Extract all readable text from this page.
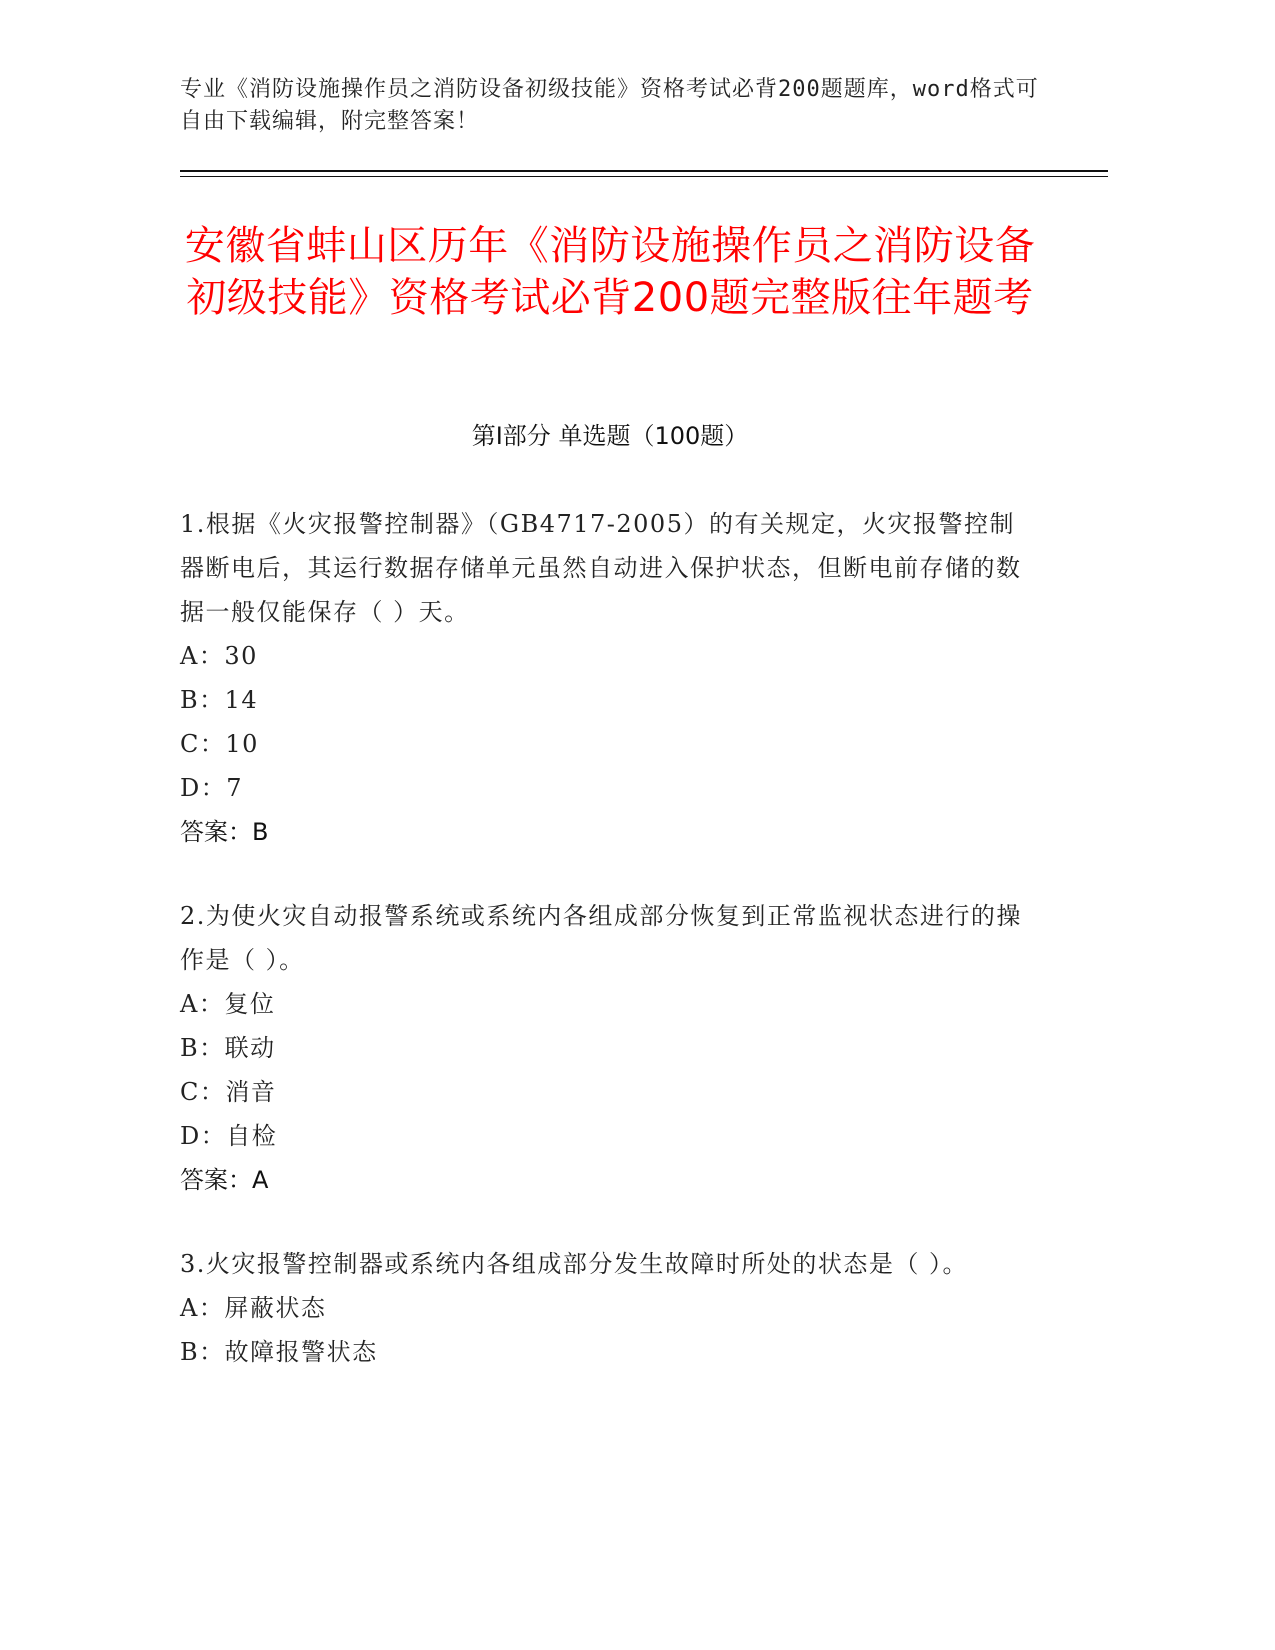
专业《消防设施操作员之消防设备初级技能》资格考试必背200题题库，word格式可自由下载编辑，附完整答案！
安徽省蚌山区历年《消防设施操作员之消防设备初级技能》资格考试必背200题完整版往年题考
第Ⅰ部分 单选题（100题）
1.根据《火灾报警控制器》（GB4717-2005）的有关规定，火灾报警控制器断电后，其运行数据存储单元虽然自动进入保护状态，但断电前存储的数据一般仅能保存（ ）天。
A：30
B：14
C：10
D：7
答案：B
2.为使火灾自动报警系统或系统内各组成部分恢复到正常监视状态进行的操作是（ ）。
A：复位
B：联动
C：消音
D：自检
答案：A
3.火灾报警控制器或系统内各组成部分发生故障时所处的状态是（ ）。
A：屏蔽状态
B：故障报警状态
